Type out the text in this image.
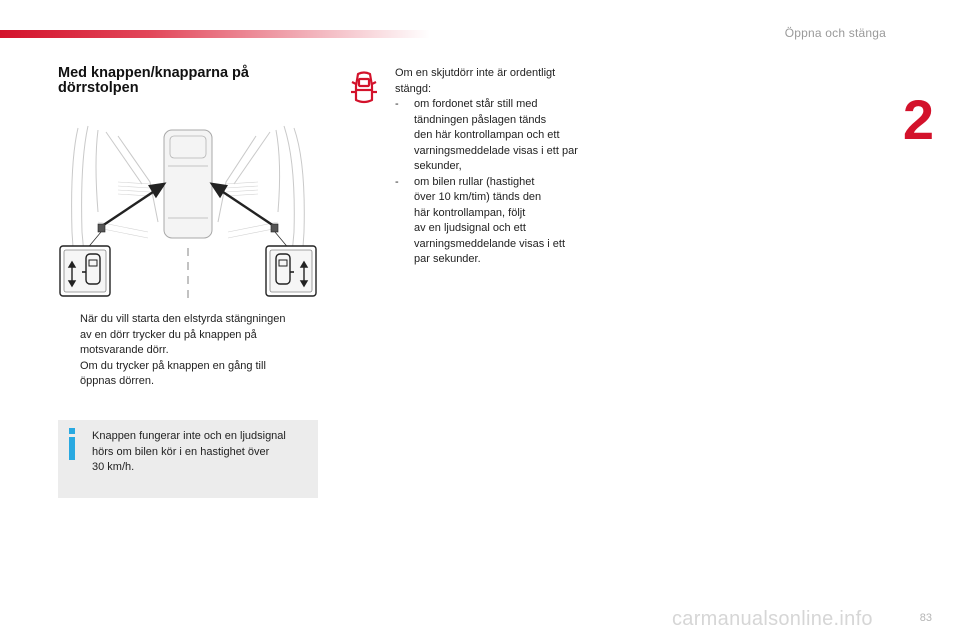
Öppna och stänga
2
Med knappen/knapparna på
dörrstolpen

När du vill starta den elstyrda stängningen
av en dörr trycker du på knappen på
motsvarande dörr.

Om du trycker på knappen en gång till
öppnas dörren.

Knappen fungerar inte och en ljudsignal
hörs om bilen kör i en hastighet över
30 km/h.

Om en skjutdörr inte är ordentligt
stängd:

- om fordonet står still med
tändningen påslagen tänds
den här kontrollampan och ett
varningsmeddelade visas i ett par
sekunder,

- om bilen rullar (hastighet
över 10 km/tim) tänds den
här kontrollampan, följt
av en ljudsignal och ett
varningsmeddelande visas i ett
par sekunder.

carmanualsonline.info	83
